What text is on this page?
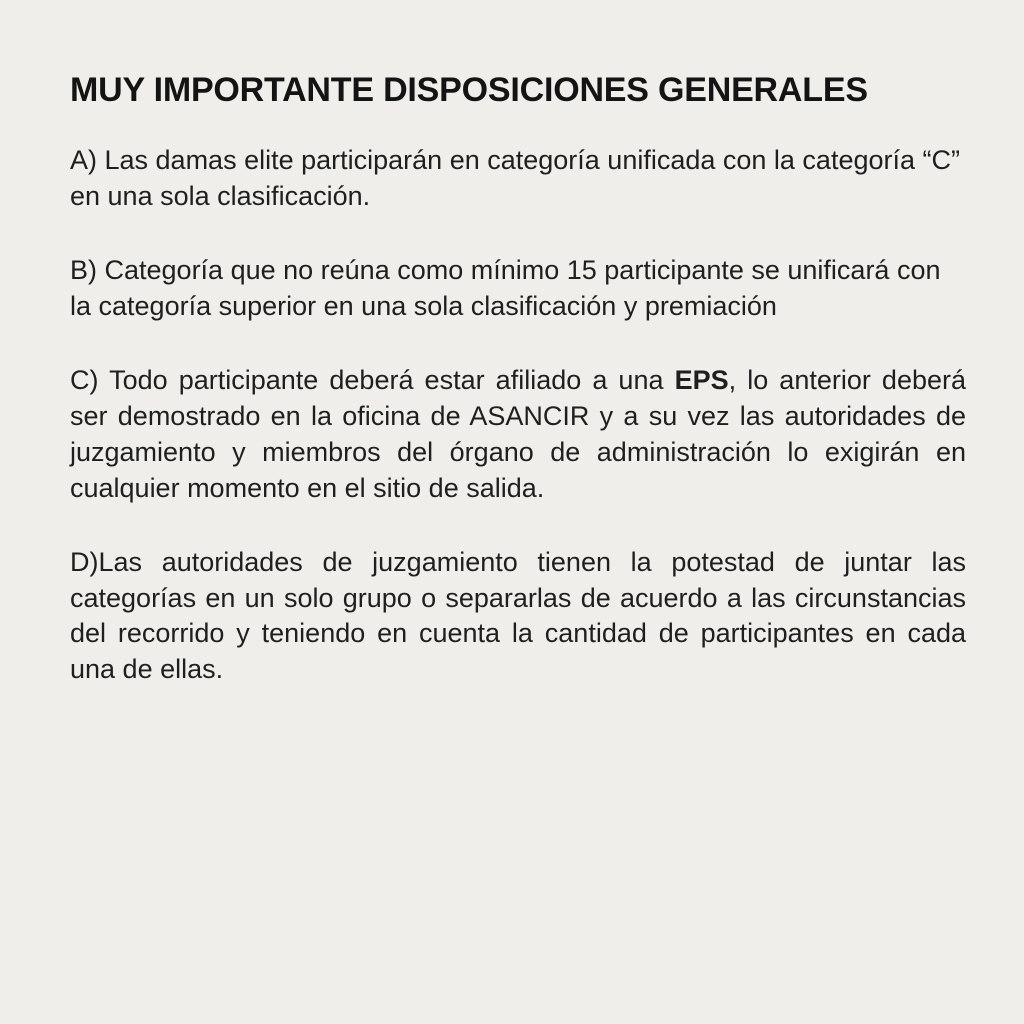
MUY IMPORTANTE DISPOSICIONES GENERALES

A) Las damas elite participarán en categoría unificada con la categoría “C” en una sola clasificación.

B) Categoría que no reúna como mínimo 15 participante se unificará con la categoría superior en una sola clasificación y premiación

C) Todo participante deberá estar afiliado a una EPS, lo anterior deberá ser demostrado en la oficina de ASANCIR y a su vez las autoridades de juzgamiento y miembros del órgano de administración lo exigirán en cualquier momento en el sitio de salida.

D)Las autoridades de juzgamiento tienen la potestad de juntar las categorías en un solo grupo o separarlas de acuerdo a las circunstancias del recorrido y teniendo en cuenta la cantidad de participantes en cada una de ellas.
